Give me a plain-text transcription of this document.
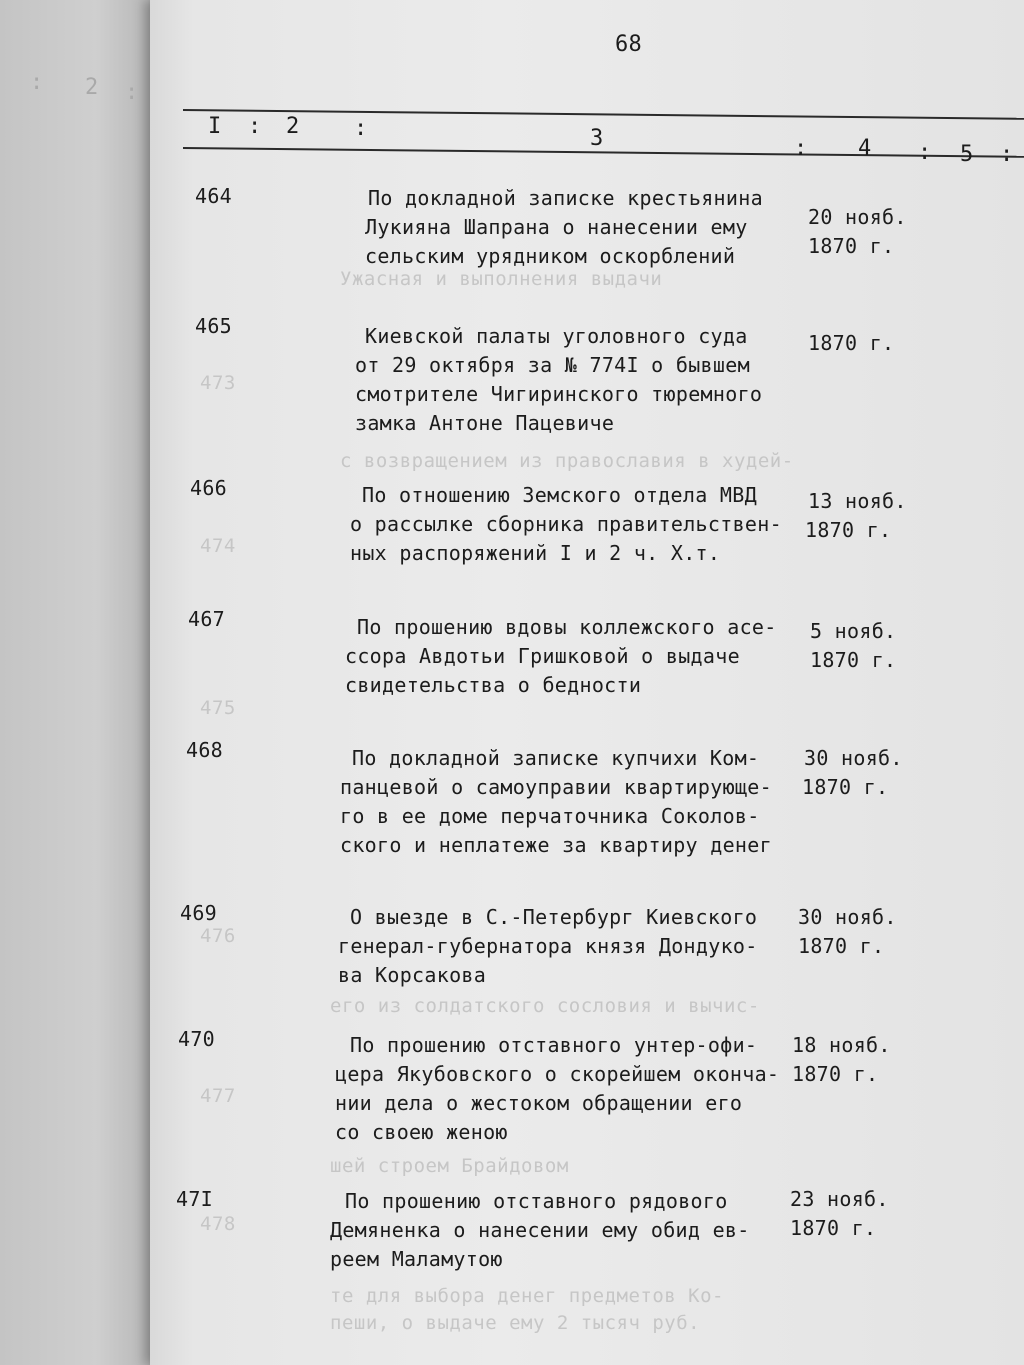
: 2 :
Ужасная и выполнения выдачи
473
с возвращением из православия в худей-
474
475
476
его из солдатского сословия и вычис-
477
шей строем Брайдовом
478
те для выбора денег предметов Ко-
пеши, о выдаче ему 2 тысяч руб.
68
I : 2 :	3	: 4 : 5 :
464	По докладной записке крестьянина
Лукияна Шапрана о нанесении ему
сельским урядником оскорблений
20 нояб.
1870 г.
465	Киевской палаты уголовного суда
от 29 октября за № 774I о бывшем
смотрителе Чигиринского тюремного
замка Антоне Пацевиче
1870 г.
466	По отношению Земского отдела МВД
о рассылке сборника правительствен-
ных распоряжений I и 2 ч. Х.т.
13 нояб.
1870 г.
467	По прошению вдовы коллежского асе-
ссора Авдотьи Гришковой о выдаче
свидетельства о бедности
5 нояб.
1870 г.
468	По докладной записке купчихи Ком-
панцевой о самоуправии квартирующе-
го в ее доме перчаточника Соколов-
ского и неплатеже за квартиру денег
30 нояб.
1870 г.
469	О выезде в С.-Петербург Киевского
генерал-губернатора князя Дондуко-
ва Корсакова
30 нояб.
1870 г.
470	По прошению отставного унтер-офи-
цера Якубовского о скорейшем оконча-
нии дела о жестоком обращении его
со своею женою
18 нояб.
1870 г.
47I	По прошению отставного рядового
Демяненка о нанесении ему обид ев-
реем Маламутою
23 нояб.
1870 г.
